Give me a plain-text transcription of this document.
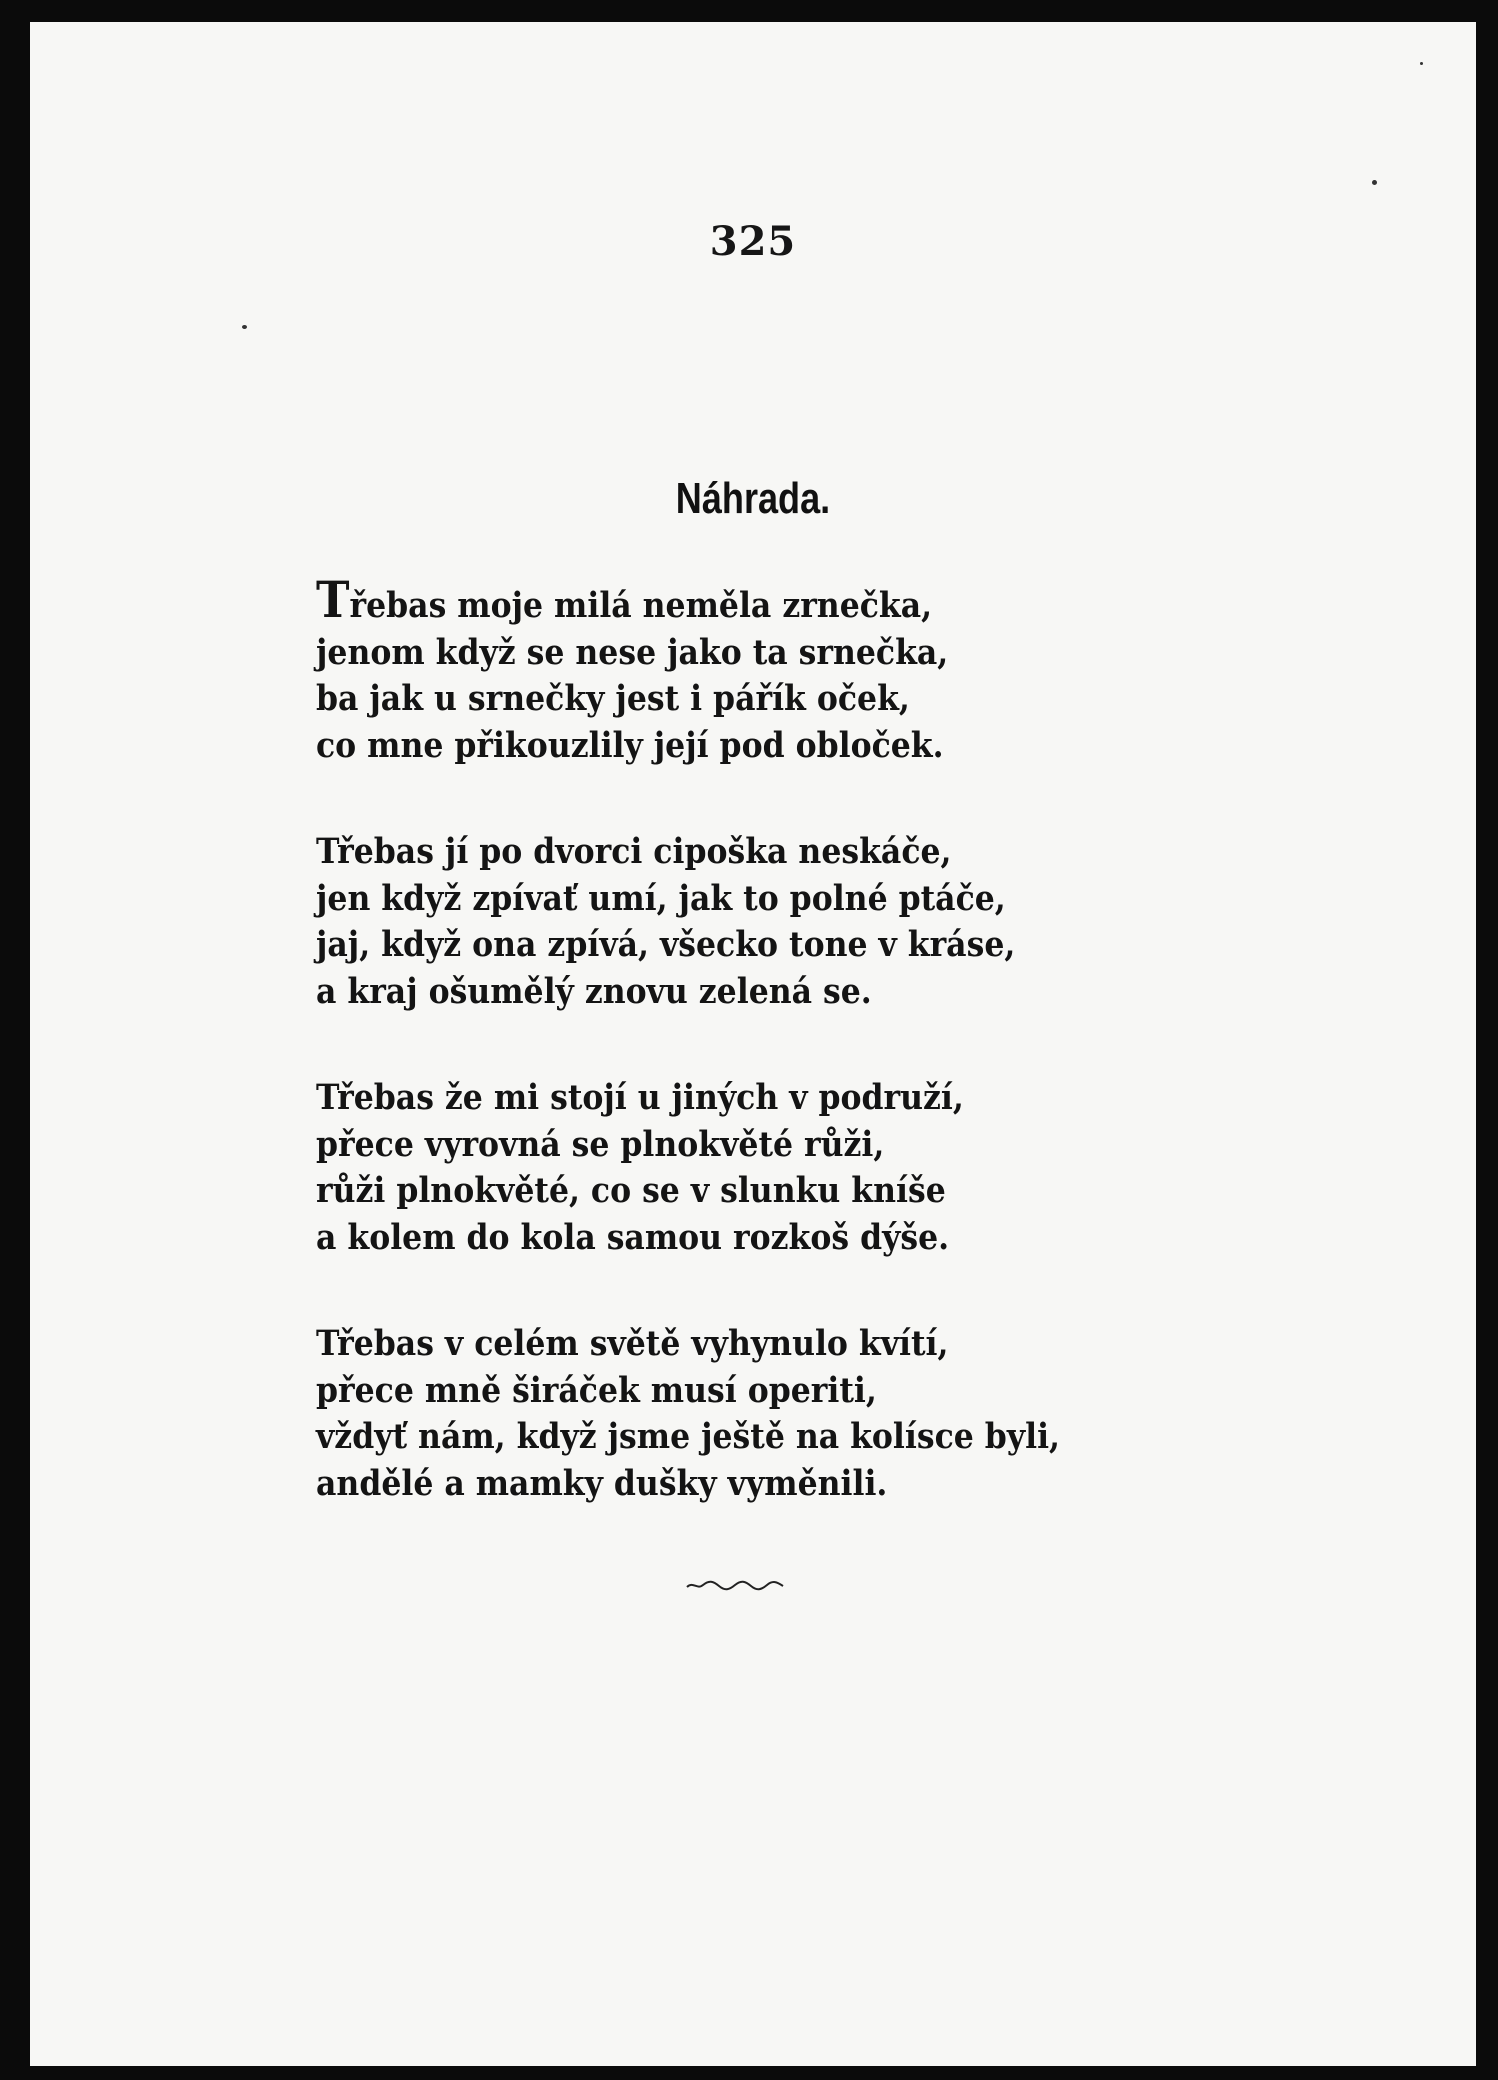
325
Náhrada.
Třebas moje milá neměla zrnečka,
jenom když se nese jako ta srnečka,
ba jak u srnečky jest i pářík oček,
co mne přikouzlily její pod obloček.
Třebas jí po dvorci cipoška neskáče,
jen když zpívať umí, jak to polné ptáče,
jaj, když ona zpívá, všecko tone v kráse,
a kraj ošumělý znovu zelená se.
Třebas že mi stojí u jiných v podruží,
přece vyrovná se plnokvěté růži,
růži plnokvěté, co se v slunku kníše
a kolem do kola samou rozkoš dýše.
Třebas v celém světě vyhynulo kvítí,
přece mně širáček musí operiti,
vždyť nám, když jsme ještě na kolísce byli,
andělé a mamky dušky vyměnili.
